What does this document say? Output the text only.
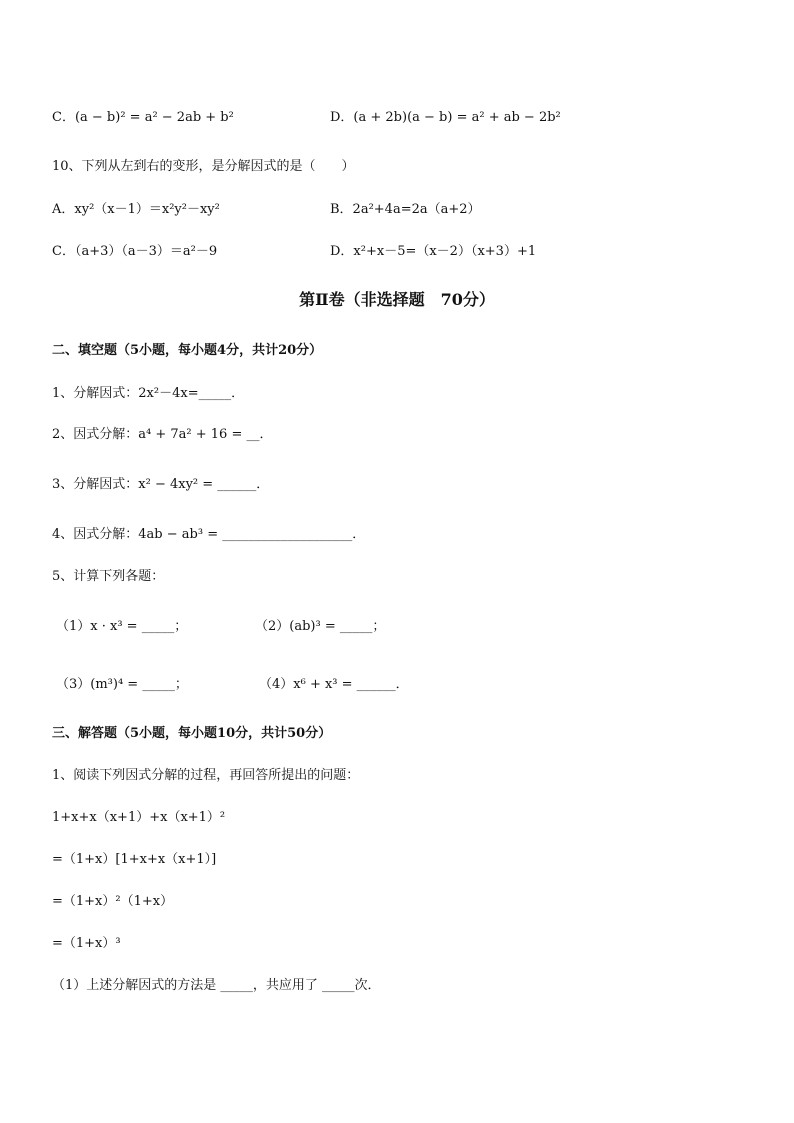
C．(a − b)² = a² − 2ab + b²	D．(a + 2b)(a − b) = a² + ab − 2b²
10、下列从左到右的变形，是分解因式的是（　　）
A．xy²（x－1）＝x²y²－xy²	B．2a²+4a=2a（a+2）
C．（a+3）（a－3）＝a²－9	D．x²+x－5=（x－2）（x+3）+1
第Ⅱ卷（非选择题　70分）
二、填空题（5小题，每小题4分，共计20分）
1、分解因式：2x²－4x=_____．
2、因式分解：a⁴ + 7a² + 16 = __．
3、分解因式：x² − 4xy² = ______．
4、因式分解：4ab − ab³ = ____________________．
5、计算下列各题：
（1）x · x³ = _____；	（2）(ab)³ = _____；
（3）(m³)⁴ = _____；	（4）x⁶ + x³ = ______．
三、解答题（5小题，每小题10分，共计50分）
1、阅读下列因式分解的过程，再回答所提出的问题：
1+x+x（x+1）+x（x+1）²
=（1+x）[1+x+x（x+1）]
=（1+x）²（1+x）
=（1+x）³
（1）上述分解因式的方法是 _____，共应用了 _____次．
